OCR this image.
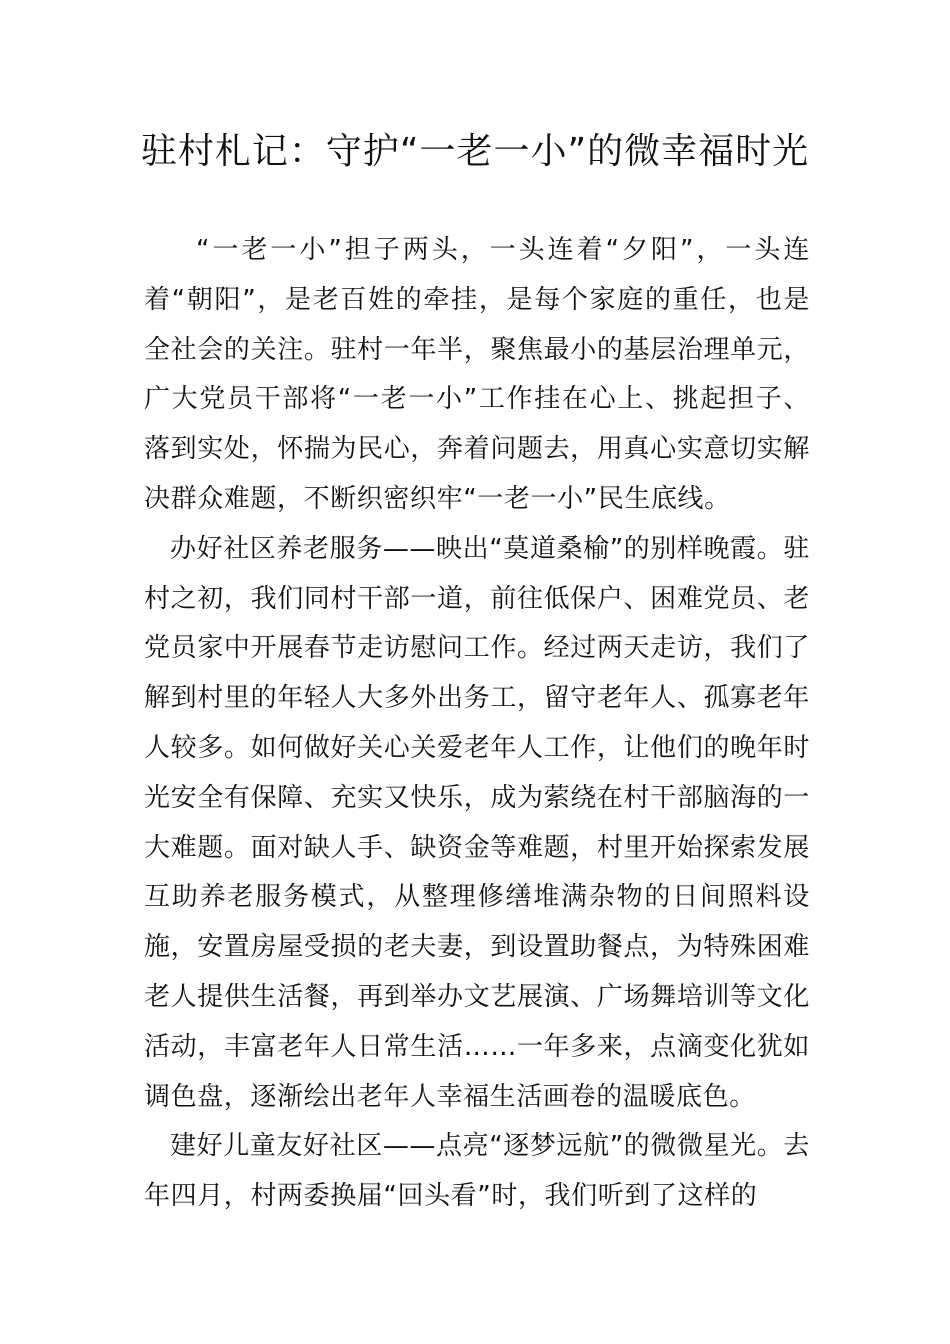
驻村札记：守护“一老一小”的微幸福时光

“一老一小”担子两头，一头连着“夕阳”，一头连着“朝阳”，是老百姓的牵挂，是每个家庭的重任，也是全社会的关注。驻村一年半，聚焦最小的基层治理单元，广大党员干部将“一老一小”工作挂在心上、挑起担子、落到实处，怀揣为民心，奔着问题去，用真心实意切实解决群众难题，不断织密织牢“一老一小”民生底线。

办好社区养老服务——映出“莫道桑榆”的别样晚霞。驻村之初，我们同村干部一道，前往低保户、困难党员、老党员家中开展春节走访慰问工作。经过两天走访，我们了解到村里的年轻人大多外出务工，留守老年人、孤寡老年人较多。如何做好关心关爱老年人工作，让他们的晚年时光安全有保障、充实又快乐，成为萦绕在村干部脑海的一大难题。面对缺人手、缺资金等难题，村里开始探索发展互助养老服务模式，从整理修缮堆满杂物的日间照料设施，安置房屋受损的老夫妻，到设置助餐点，为特殊困难老人提供生活餐，再到举办文艺展演、广场舞培训等文化活动，丰富老年人日常生活……一年多来，点滴变化犹如调色盘，逐渐绘出老年人幸福生活画卷的温暖底色。

建好儿童友好社区——点亮“逐梦远航”的微微星光。去年四月，村两委换届“回头看”时，我们听到了这样的
